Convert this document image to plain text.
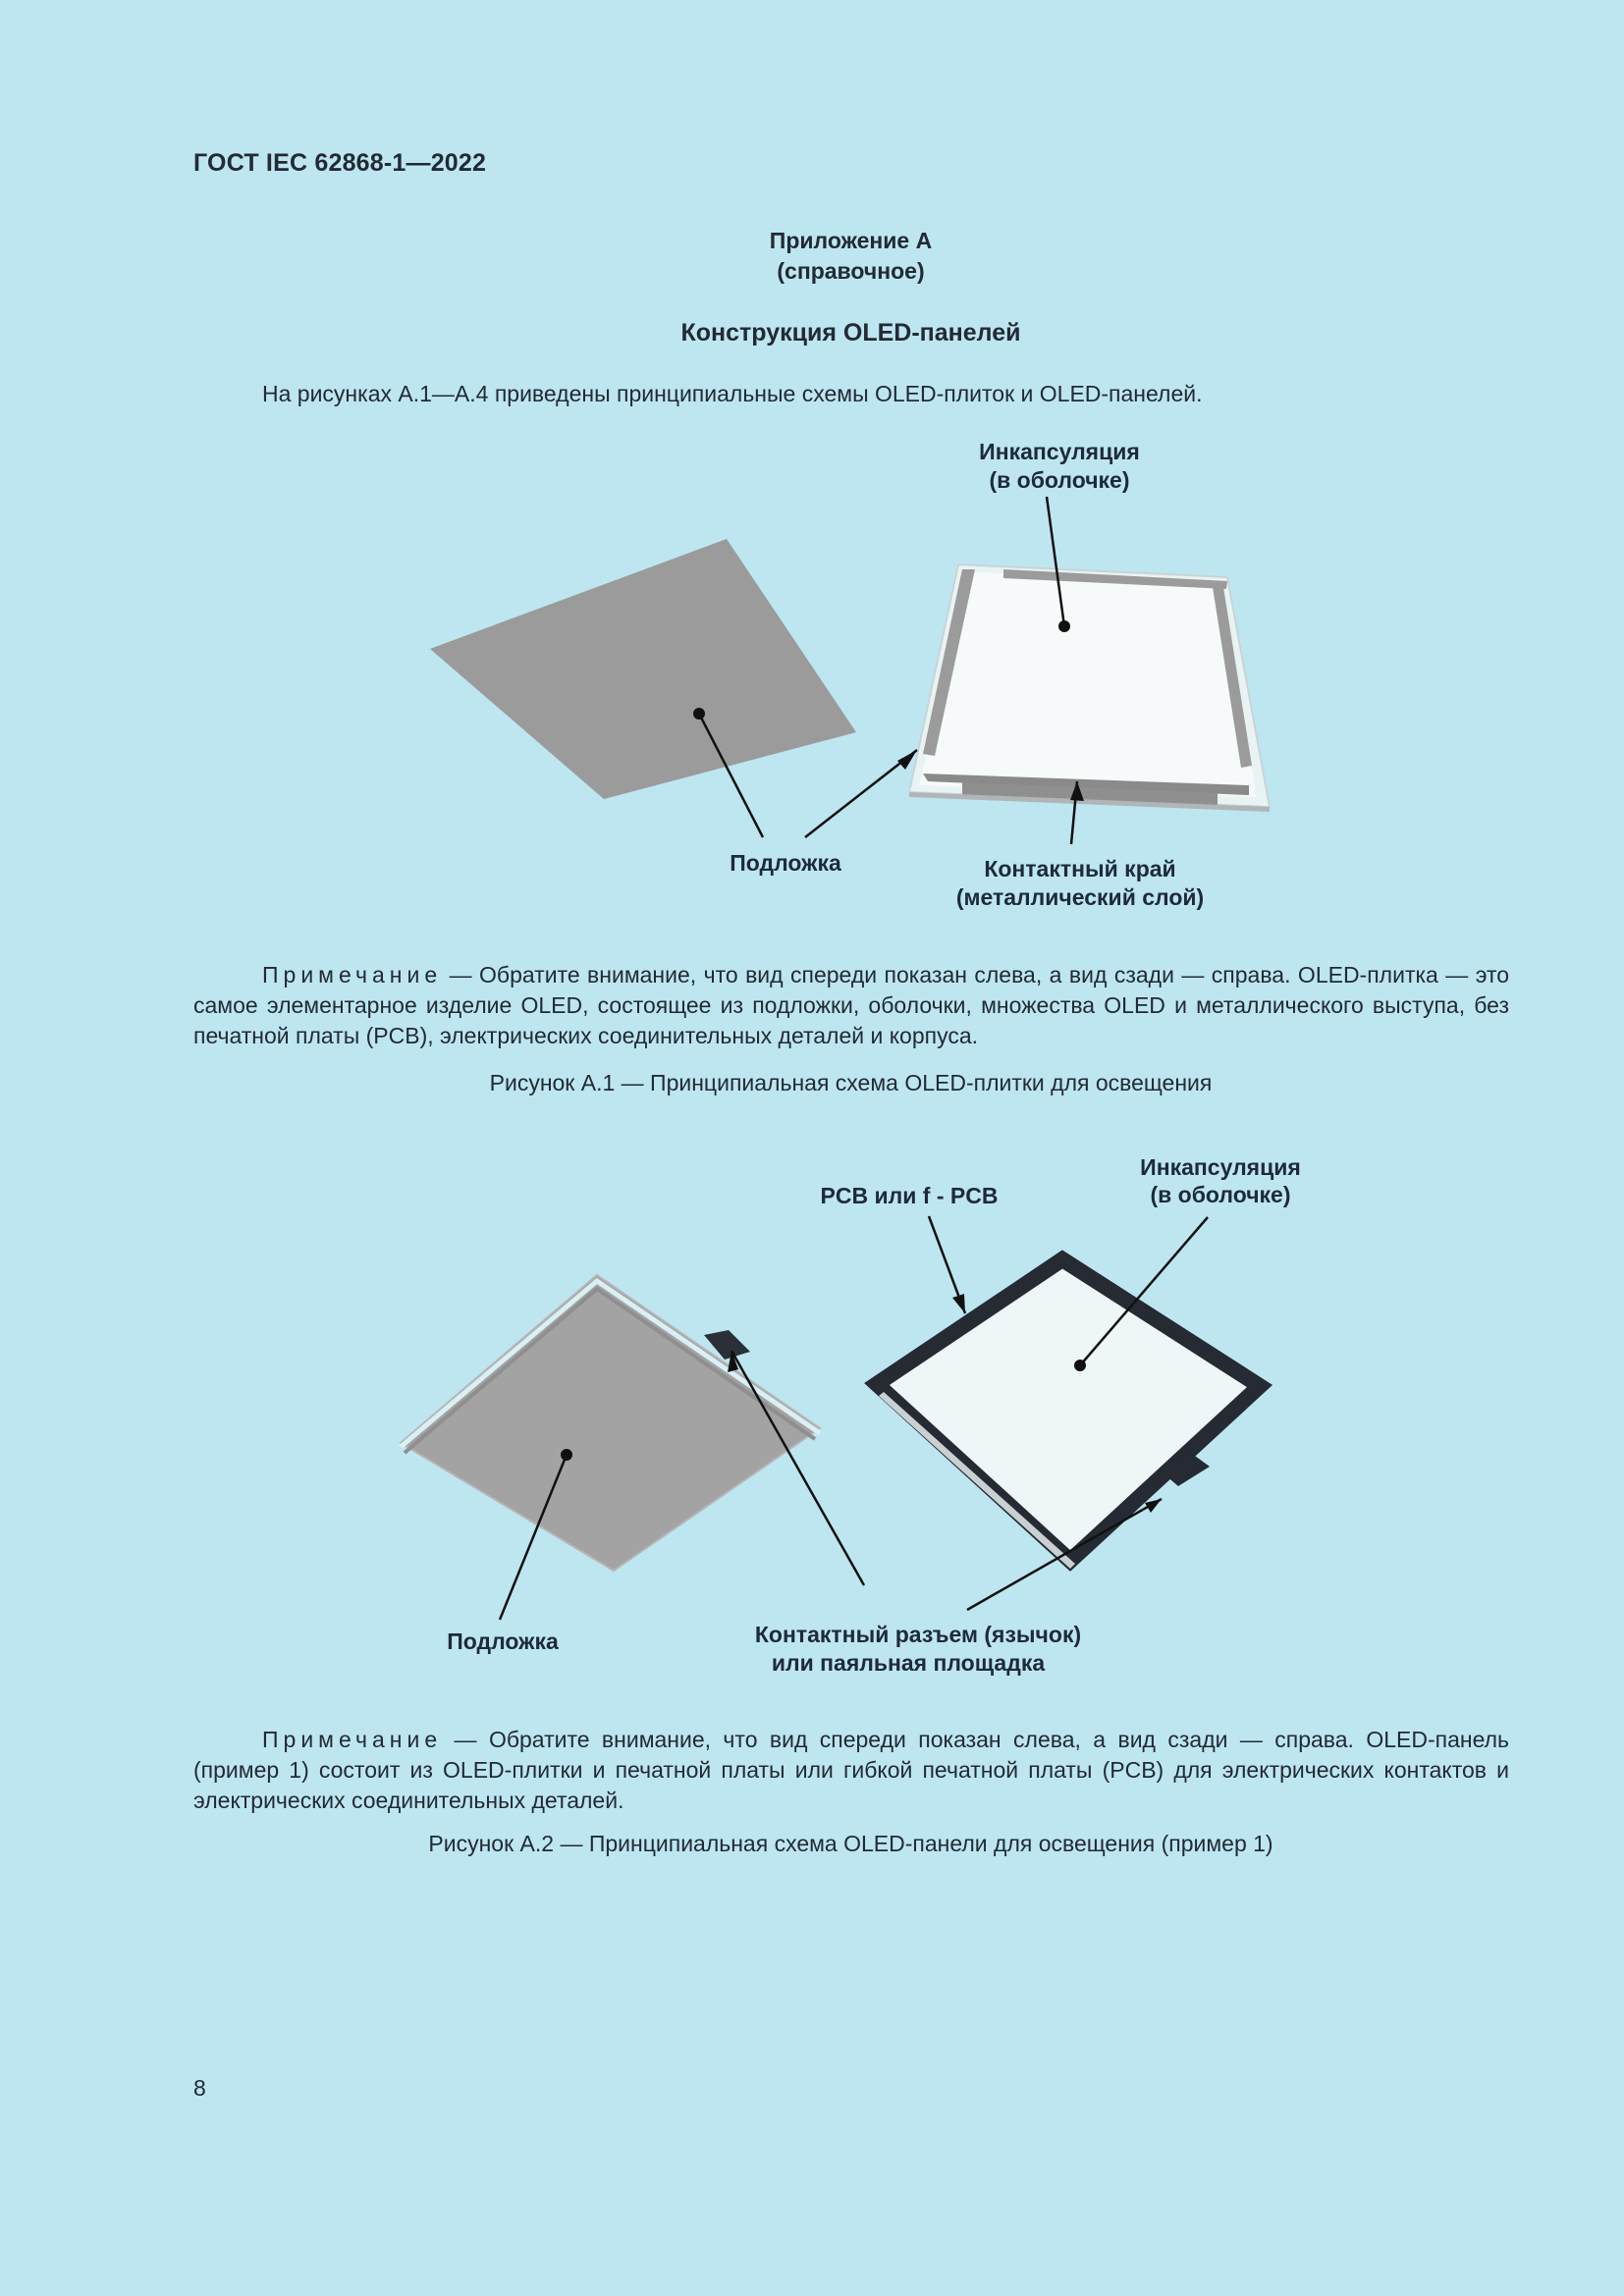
ГОСТ IEC 62868-1—2022
Приложение А
(справочное)
Конструкция OLED-панелей
На рисунках А.1—А.4 приведены принципиальные схемы OLED-плиток и OLED-панелей.
Инкапсуляция
(в оболочке)
Подложка	Контактный край
(металлический слой)
Примечание — Обратите внимание, что вид спереди показан слева, а вид сзади — справа. OLED-плитка — это самое элементарное изделие OLED, состоящее из подложки, оболочки, множества OLED и металлического выступа, без печатной платы (PCB), электрических соединительных деталей и корпуса.
Рисунок А.1 — Принципиальная схема OLED-плитки для освещения
PCB или f - PCB
Инкапсуляция
(в оболочке)
Подложка	Контактный разъем (язычок)
или паяльная площадка
Примечание — Обратите внимание, что вид спереди показан слева, а вид сзади — справа. OLED-панель (пример 1) состоит из OLED-плитки и печатной платы или гибкой печатной платы (PCB) для электрических контактов и электрических соединительных деталей.
Рисунок А.2 — Принципиальная схема OLED-панели для освещения (пример 1)
8
